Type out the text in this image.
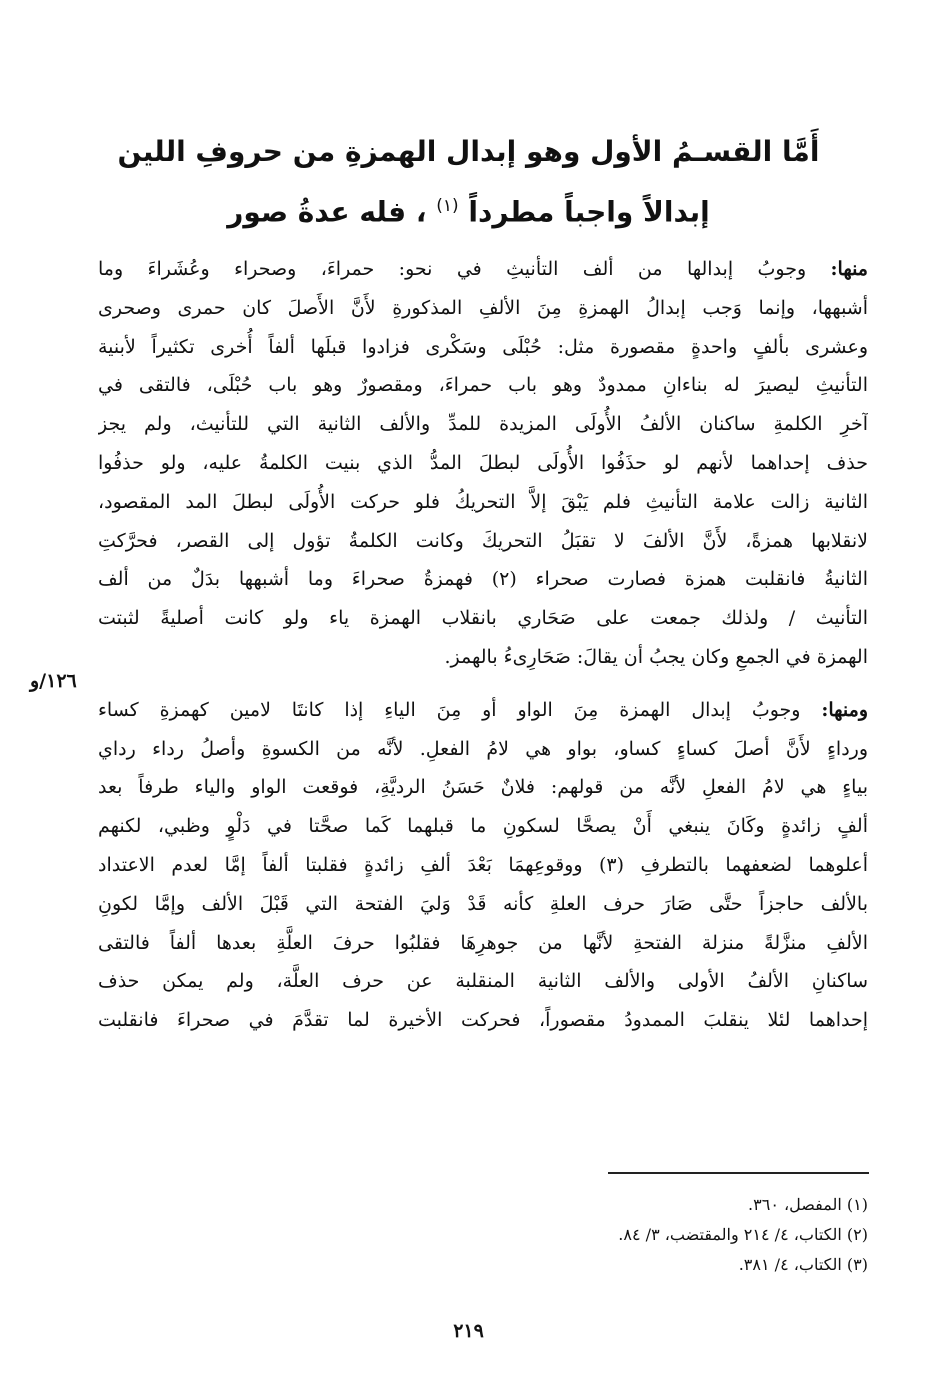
أَمَّا القسـمُ الأول وهو إبدال الهمزةِ من حروفِ اللين
إبدالاً واجباً مطرداً $^{(١)}$ ، فله عدةُ صور
منها: وجوبُ إبدالها من ألف التأنيثِ في نحو: حمراءَ، وصحراء وعُشَراءَ وما
أشبهها، وإنما وَجب إبدالُ الهمزةِ مِنَ الألفِ المذكورةِ لأَنَّ الأَصلَ كان حمرى وصحرى
وعشرى بألفٍ واحدةٍ مقصورة مثل: حُبْلَى وسَكْرى فزادوا قبلَها ألفاً أُخرى تكثيراً لأبنية
التأنيثِ ليصيرَ له بناءانِ ممدودٌ وهو باب حمراءَ، ومقصورٌ وهو باب حُبْلَى، فالتقى في
آخرِ الكلمةِ ساكنان الألفُ الأُولَى المزيدة للمدِّ والألف الثانية التي للتأنيث، ولم يجز
حذف إحداهما لأنهم لو حذَفُوا الأُولَى لبطلَ المدُّ الذي بنيت الكلمةُ عليه، ولو حذفُوا
الثانية زالت علامة التأنيثِ فلم يَبْقَ إلاَّ التحريكُ فلو حركت الأُولَى لبطلَ المد المقصود،
لانقلابها همزةً، لأَنَّ الألفَ لا تقبَلُ التحريكَ وكانت الكلمةُ تؤول إلى القصر، فحرَّكتِ
الثانيةُ فانقلبت همزة فصارت صحراء (٢) فهمزةُ صحراءَ وما أشبهها بدَلٌ من ألف
التأنيث / ولذلك جمعت على صَحَاري بانقلاب الهمزة ياء ولو كانت أصليةً لثبتت
الهمزة في الجمعِ وكان يجبُ أن يقالَ: صَحَارِىءُ بالهمز.
ومنها: وجوبُ إبدال الهمزة مِنَ الواو أو مِنَ الياءِ إذا كانتَا لامين كهمزةِ كساء
ورداءٍ لأَنَّ أصلَ كساءٍ كساو، بواو هي لامُ الفعلِ. لأنَّه من الكسوةِ وأصلُ رداء رداي
بياءٍ هي لامُ الفعلِ لأنَّه من قولهم: فلانٌ حَسَنُ الرديَّةِ، فوقعت الواو والياء طرفاً بعد
ألفٍ زائدةٍ وكَانَ ينبغي أَنْ يصحَّا لسكونِ ما قبلهما كَما صحَّتا في دَلْوٍ وظبي، لكنهم
أعلوهما لضعفهما بالتطرفِ (٣) ووقوعِهمَا بَعْدَ ألفِ زائدةٍ فقلبتا ألفاً إمَّا لعدم الاعتداد
بالألف حاجزاً حتَّى صَارَ حرف العلةِ كأنه قَدْ وَليَ الفتحة التي قَبْلَ الألف وإمَّا لكونِ
الألفِ منزَّلةً منزلة الفتحةِ لأنَّها من جوهرِهَا فقلبُوا حرفَ العلَّةِ بعدها ألفاً فالتقى
ساكنانِ الألفُ الأولى والألف الثانية المنقلبة عن حرف العلَّة، ولم يمكن حذف
إحداهما لئلا ينقلبَ الممدودُ مقصوراً، فحركت الأخيرة لما تقدَّمَ في صحراءَ فانقلبت
١٢٦/و
(١) المفصل، ٣٦٠.
(٢) الكتاب، ٤/ ٢١٤ والمقتضب، ٣/ ٨٤.
(٣) الكتاب، ٤/ ٣٨١.
٢١٩
